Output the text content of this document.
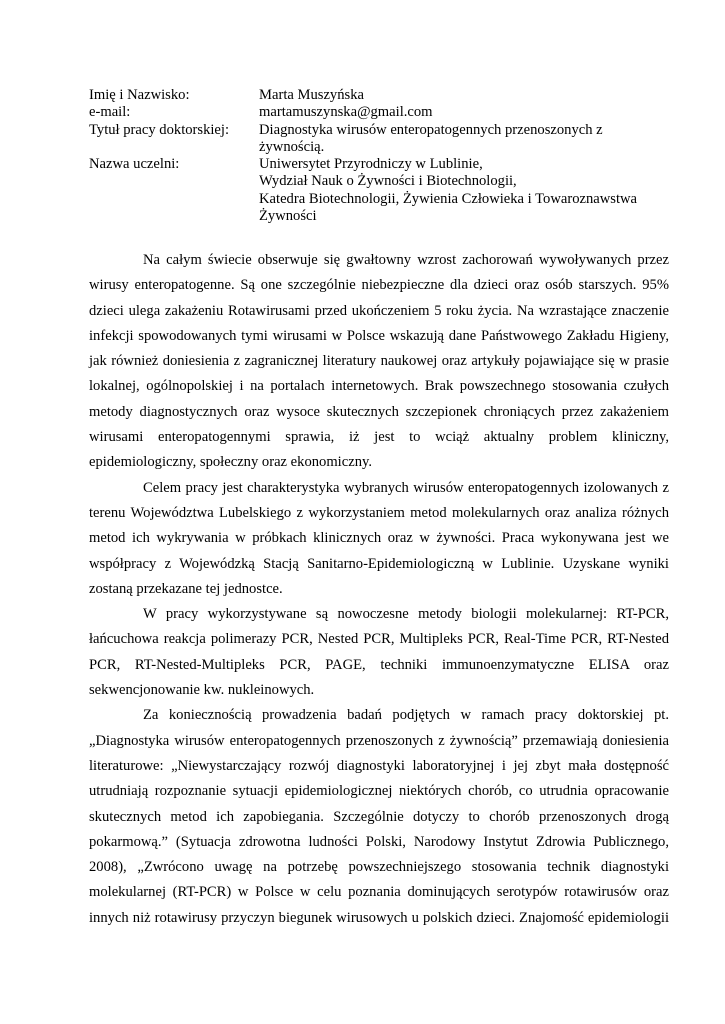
Imię i Nazwisko:	Marta Muszyńska
e-mail:	martamuszynska@gmail.com
Tytuł pracy doktorskiej:	Diagnostyka wirusów enteropatogennych przenoszonych z
żywnością.
Nazwa uczelni:	Uniwersytet Przyrodniczy w Lublinie,
Wydział Nauk o Żywności i Biotechnologii,
Katedra Biotechnologii, Żywienia Człowieka i Towaroznawstwa
Żywności
Na całym świecie obserwuje się gwałtowny wzrost zachorowań wywoływanych przez
wirusy enteropatogenne. Są one szczególnie niebezpieczne dla dzieci oraz osób starszych. 95%
dzieci ulega zakażeniu Rotawirusami przed ukończeniem 5 roku życia. Na wzrastające znaczenie
infekcji spowodowanych tymi wirusami w Polsce wskazują dane Państwowego Zakładu Higieny,
jak również doniesienia z zagranicznej literatury naukowej oraz artykuły pojawiające się w prasie
lokalnej, ogólnopolskiej i na portalach internetowych. Brak powszechnego stosowania czułych
metody diagnostycznych oraz wysoce skutecznych szczepionek chroniących przez zakażeniem
wirusami enteropatogennymi sprawia, iż jest to wciąż aktualny problem kliniczny,
epidemiologiczny, społeczny oraz ekonomiczny.
Celem pracy jest charakterystyka wybranych wirusów enteropatogennych izolowanych z
terenu Województwa Lubelskiego z wykorzystaniem metod molekularnych oraz analiza różnych
metod ich wykrywania w próbkach klinicznych oraz w żywności. Praca wykonywana jest we
współpracy z Wojewódzką Stacją Sanitarno-Epidemiologiczną w Lublinie. Uzyskane wyniki
zostaną przekazane tej jednostce.
W pracy wykorzystywane są nowoczesne metody biologii molekularnej: RT-PCR,
łańcuchowa reakcja polimerazy PCR, Nested PCR, Multipleks PCR, Real-Time PCR, RT-Nested
PCR, RT-Nested-Multipleks PCR, PAGE, techniki immunoenzymatyczne ELISA oraz
sekwencjonowanie kw. nukleinowych.
Za koniecznością prowadzenia badań podjętych w ramach pracy doktorskiej pt.
„Diagnostyka wirusów enteropatogennych przenoszonych z żywnością” przemawiają doniesienia
literaturowe: „Niewystarczający rozwój diagnostyki laboratoryjnej i jej zbyt mała dostępność
utrudniają rozpoznanie sytuacji epidemiologicznej niektórych chorób, co utrudnia opracowanie
skutecznych metod ich zapobiegania. Szczególnie dotyczy to chorób przenoszonych drogą
pokarmową.” (Sytuacja zdrowotna ludności Polski, Narodowy Instytut Zdrowia Publicznego,
2008), „Zwrócono uwagę na potrzebę powszechniejszego stosowania technik diagnostyki
molekularnej (RT-PCR) w Polsce w celu poznania dominujących serotypów rotawirusów oraz
innych niż rotawirusy przyczyn biegunek wirusowych u polskich dzieci. Znajomość epidemiologii
